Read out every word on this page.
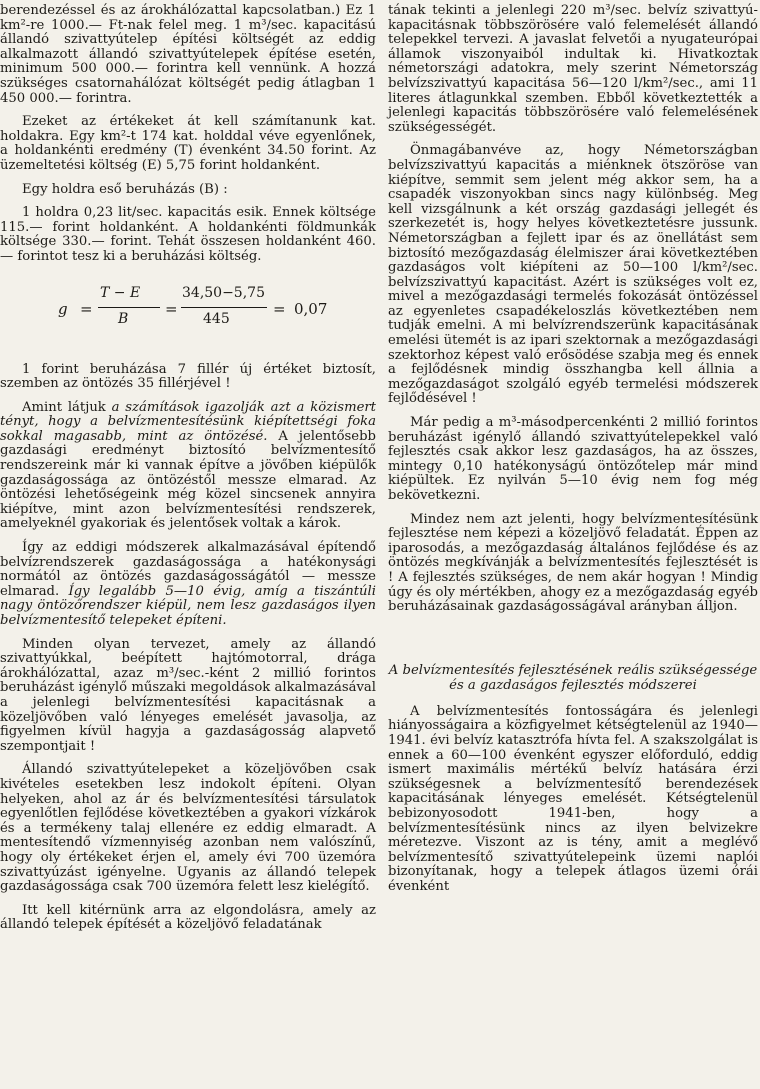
berendezéssel és az árokhálózattal kapcsolatban.) Ez 1 km²-re 1000.— Ft-nak felel meg. 1 m³/sec. kapacitású állandó szivattyútelep építési költségét az eddig alkalmazott állandó szivattyútelepek építése esetén, minimum 500 000.— forintra kell vennünk. A hozzá szükséges csatornahálózat költségét pedig átlagban 1 450 000.— forintra.

Ezeket az értékeket át kell számítanunk kat. holdakra. Egy km²-t 174 kat. holddal véve egyenlőnek, a holdankénti eredmény (T) évenként 34.50 forint. Az üzemeltetési költség (E) 5,75 forint holdanként.

Egy holdra eső beruházás (B) :

1 holdra 0,23 lit/sec. kapacitás esik. Ennek költsége 115.— forint holdanként. A holdankénti földmunkák költsége 330.— forint. Tehát összesen holdanként 460.— forintot tesz ki a beruházási költség.

g =
T − E
B
=
34,50−5,75
445
= 0,07

1 forint beruházása 7 fillér új értéket biztosít, szemben az öntözés 35 fillérjével !

Amint látjuk a számítások igazolják azt a közismert tényt, hogy a belvízmentesítésünk kiépítettségi foka sokkal magasabb, mint az öntözésé. A jelentősebb gazdasági eredményt biztosító belvízmentesítő rendszereink már ki vannak építve a jövőben kiépülők gazdaságossága az öntözéstől messze elmarad. Az öntözési lehetőségeink még közel sincsenek annyira kiépítve, mint azon belvízmentesítési rendszerek, amelyeknél gyakoriak és jelentősek voltak a károk.

Így az eddigi módszerek alkalmazásával építendő belvízrendszerek gazdaságossága a hatékonysági normától az öntözés gazdaságosságától — messze elmarad. Így legalább 5—10 évig, amíg a tiszántúli nagy öntözőrendszer kiépül, nem lesz gazdaságos ilyen belvízmentesítő telepeket építeni.

Minden olyan tervezet, amely az állandó szivattyúkkal, beépített hajtómotorral, drága árokhálózattal, azaz m³/sec.-ként 2 millió forintos beruházást igénylő műszaki megoldások alkalmazásával a jelenlegi belvízmentesítési kapacitásnak a közeljövőben való lényeges emelését javasolja, az figyelmen kívül hagyja a gazdaságosság alapvető szempontjait !

Állandó szivattyútelepeket a közeljövőben csak kivételes esetekben lesz indokolt építeni. Olyan helyeken, ahol az ár és belvízmentesítési társulatok egyenlőtlen fejlődése következtében a gyakori vízkárok és a termékeny talaj ellenére ez eddig elmaradt. A mentesítendő vízmennyiség azonban nem valószínű, hogy oly értékeket érjen el, amely évi 700 üzemóra szivattyúzást igényelne. Ugyanis az állandó telepek gazdaságossága csak 700 üzemóra felett lesz kielégítő.

Itt kell kitérnünk arra az elgondolásra, amely az állandó telepek építését a közeljövő feladatának

tának tekinti a jelenlegi 220 m³/sec. belvíz szivattyú-kapacitásnak többszörösére való felemelését állandó telepekkel tervezi. A javaslat felvetői a nyugateurópai államok viszonyaiból indultak ki. Hivatkoztak németországi adatokra, mely szerint Németország belvízszivattyú kapacitása 56—120 l/km²/sec., ami 11 literes átlagunkkal szemben. Ebből következtették a jelenlegi kapacitás többszörösére való felemelésének szükségességét.

Önmagábanvéve az, hogy Németországban belvízszivattyú kapacitás a miénknek ötszöröse van kiépítve, semmit sem jelent még akkor sem, ha a csapadék viszonyokban sincs nagy különbség. Meg kell vizsgálnunk a két ország gazdasági jellegét és szerkezetét is, hogy helyes következtetésre jussunk. Németországban a fejlett ipar és az önellátást sem biztosító mezőgazdaság élelmiszer árai következtében gazdaságos volt kiépíteni az 50—100 l/km²/sec. belvízszivattyú kapacitást. Azért is szükséges volt ez, mivel a mezőgazdasági termelés fokozását öntözéssel az egyenletes csapadékeloszlás következtében nem tudják emelni. A mi belvízrendszerünk kapacitásának emelési ütemét is az ipari szektornak a mezőgazdasági szektorhoz képest való erősödése szabja meg és ennek a fejlődésnek mindig összhangba kell állnia a mezőgazdaságot szolgáló egyéb termelési módszerek fejlődésével !

Már pedig a m³-másodpercenkénti 2 millió forintos beruházást igénylő állandó szivattyútelepekkel való fejlesztés csak akkor lesz gazdaságos, ha az összes, mintegy 0,10 hatékonyságú öntözőtelep már mind kiépültek. Ez nyilván 5—10 évig nem fog még bekövetkezni.

Mindez nem azt jelenti, hogy belvízmentesítésünk fejlesztése nem képezi a közeljövő feladatát. Éppen az iparosodás, a mezőgazdaság általános fejlődése és az öntözés megkívánják a belvízmentesítés fejlesztését is ! A fejlesztés szükséges, de nem akár hogyan ! Mindig úgy és oly mértékben, ahogy ez a mezőgazdaság egyéb beruházásainak gazdaságosságával arányban álljon.

A belvízmentesítés fejlesztésének reális szükségessége és a gazdaságos fejlesztés módszerei

A belvízmentesítés fontosságára és jelenlegi hiányosságaira a közfigyelmet kétségtelenül az 1940—1941. évi belvíz katasztrófa hívta fel. A szakszolgálat is ennek a 60—100 évenként egyszer előforduló, eddig ismert maximális mértékű belvíz hatására érzi szükségesnek a belvízmentesítő berendezések kapacitásának lényeges emelését. Kétségtelenül bebizonyosodott 1941-ben, hogy a belvízmentesítésünk nincs az ilyen belvizekre méretezve. Viszont az is tény, amit a meglévő belvízmentesítő szivattyútelepeink üzemi naplói bizonyítanak, hogy a telepek átlagos üzemi órái évenként
